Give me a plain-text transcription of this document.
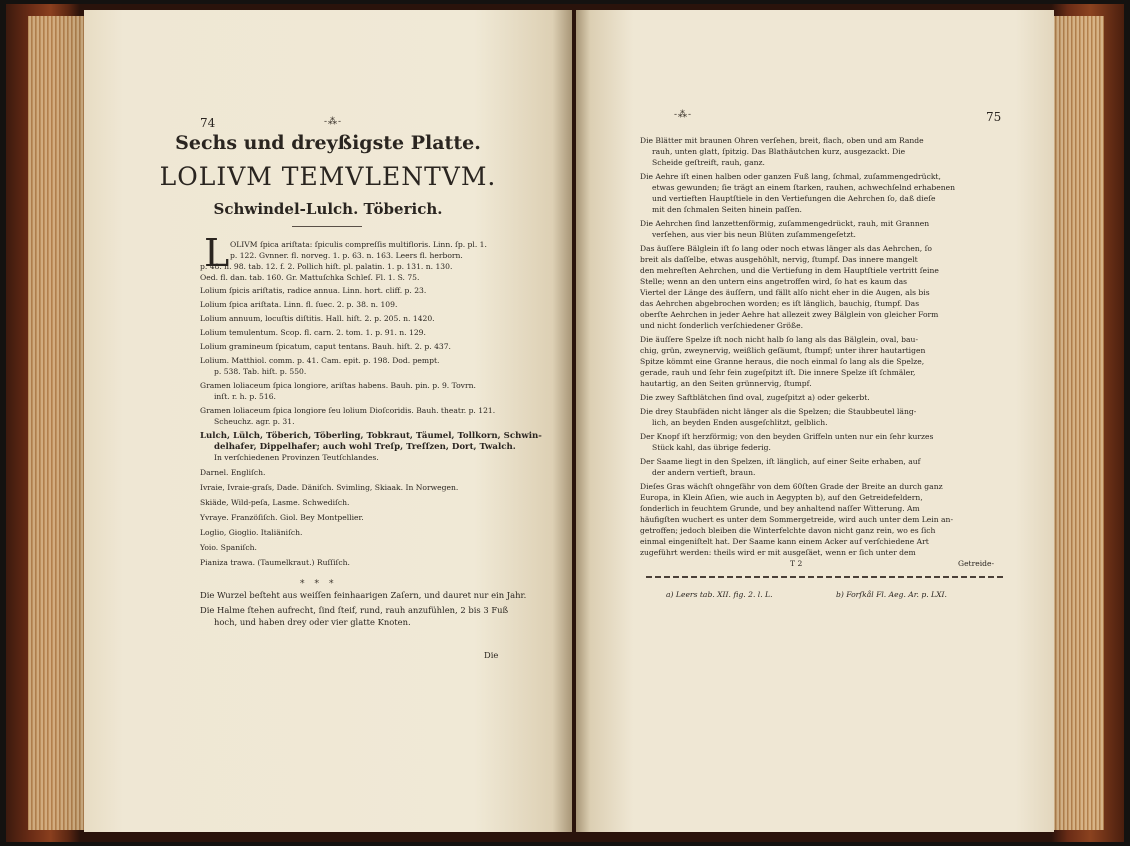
74	-⁂-
Sechs und dreyßigste Platte.
LOLIVM TEMVLENTVM.
Schwindel-Lulch. Töberich.
L OLIVM ſpica ariſtata: ſpiculis compreſſis multifloris. Linn. ſp. pl. 1.
p. 122. Gvnner. fl. norveg. 1. p. 63. n. 163. Leers fl. herborn.
p. 48. n. 98. tab. 12. f. 2. Pollich hiſt. pl. palatin. 1. p. 131. n. 130.
Oed. fl. dan. tab. 160. Gr. Mattuſchka Schleſ. Fl. 1. S. 75.
Lolium ſpicis ariſtatis, radice annua. Linn. hort. cliff. p. 23.
Lolium ſpica ariſtata. Linn. fl. ſuec. 2. p. 38. n. 109.
Lolium annuum, locuſtis diſtitis. Hall. hiſt. 2. p. 205. n. 1420.
Lolium temulentum. Scop. fl. carn. 2. tom. 1. p. 91. n. 129.
Lolium gramineum ſpicatum, caput tentans. Bauh. hiſt. 2. p. 437.
Lolium. Matthiol. comm. p. 41. Cam. epit. p. 198. Dod. pempt.
p. 538. Tab. hiſt. p. 550.
Gramen loliaceum ſpica longiore, ariſtas habens. Bauh. pin. p. 9. Tovrn.
inſt. r. h. p. 516.
Gramen loliaceum ſpica longiore ſeu lolium Dioſcoridis. Bauh. theatr. p. 121.
Scheuchz. agr. p. 31.
Lulch, Lülch, Töberich, Töberling, Tobkraut, Täumel, Tollkorn, Schwin-
delhafer, Dippelhafer; auch wohl Treſp, Treſſzen, Dort, Twalch.
In verſchiedenen Provinzen Teutſchlandes.
Darnel. Engliſch.
Ivraie, Ivraie-graſs, Dade. Däniſch. Svimling, Skiaak. In Norwegen.
Skiäde, Wild-peſa, Lasme. Schwediſch.
Yvraye. Franzöſiſch. Giol. Bey Montpellier.
Loglio, Gioglio. Italiäniſch.
Yoio. Spaniſch.
Pianiza trawa. (Taumelkraut.) Ruſſiſch.
⁎⁎⁎
Die Wurzel beſteht aus weiſſen feinhaarigen Zaſern, und dauret nur ein Jahr.
Die Halme ſtehen aufrecht, ſind ſteif, rund, rauh anzufühlen, 2 bis 3 Fuß
hoch, und haben drey oder vier glatte Knoten.
Die
-⁂-	75
Die Blätter mit braunen Ohren verſehen, breit, flach, oben und am Rande
rauh, unten glatt, ſpitzig. Das Blathäutchen kurz, ausgezackt. Die
Scheide geſtreift, rauh, ganz.
Die Aehre iſt einen halben oder ganzen Fuß lang, ſchmal, zuſammengedrückt,
etwas gewunden; ſie trägt an einem ſtarken, rauhen, achwechſelnd erhabenen
und vertieften Hauptſtiele in den Vertiefungen die Aehrchen ſo, daß dieſe
mit den ſchmalen Seiten hinein paſſen.
Die Aehrchen ſind lanzettenförmig, zuſammengedrückt, rauh, mit Grannen
verſehen, aus vier bis neun Blüten zuſammengeſetzt.
Das äuſſere Bälglein iſt ſo lang oder noch etwas länger als das Aehrchen, ſo
breit als daſſelbe, etwas ausgehöhlt, nervig, ſtumpf. Das innere mangelt
den mehreſten Aehrchen, und die Vertiefung in dem Hauptſtiele vertritt ſeine
Stelle; wenn an den untern eins angetroffen wird, ſo hat es kaum das
Viertel der Länge des äuſſern, und fällt alſo nicht eher in die Augen, als bis
das Aehrchen abgebrochen worden; es iſt länglich, bauchig, ſtumpf. Das
oberſte Aehrchen in jeder Aehre hat allezeit zwey Bälglein von gleicher Form
und nicht ſonderlich verſchiedener Größe.
Die äuſſere Spelze iſt noch nicht halb ſo lang als das Bälglein, oval, bau-
chig, grün, zweynervig, weißlich geſäumt, ſtumpf; unter ihrer hautartigen
Spitze kömmt eine Granne heraus, die noch einmal ſo lang als die Spelze,
gerade, rauh und ſehr fein zugeſpitzt iſt. Die innere Spelze iſt ſchmäler,
hautartig, an den Seiten grünnervig, ſtumpf.
Die zwey Saftblätchen ſind oval, zugeſpitzt a) oder gekerbt.
Die drey Staubfäden nicht länger als die Spelzen; die Staubbeutel läng-
lich, an beyden Enden ausgeſchlitzt, gelblich.
Der Knopf iſt herzförmig; von den beyden Griffeln unten nur ein ſehr kurzes
Stück kahl, das übrige federig.
Der Saame liegt in den Spelzen, iſt länglich, auf einer Seite erhaben, auf
der andern vertieft, braun.
Dieſes Gras wächſt ohngefähr von dem 60ſten Grade der Breite an durch ganz
Europa, in Klein Aſien, wie auch in Aegypten b), auf den Getreidefeldern,
ſonderlich in feuchtem Grunde, und bey anhaltend naſſer Witterung. Am
häufigſten wuchert es unter dem Sommergetreide, wird auch unter dem Lein an-
getroffen; jedoch bleiben die Winterfelchte davon nicht ganz rein, wo es ſich
einmal eingeniſtelt hat. Der Saame kann einem Acker auf verſchiedene Art
zugeführt werden: theils wird er mit ausgeſäet, wenn er ſich unter dem
T 2	Getreide-
a) Leers tab. XII. fig. 2. l. L.	b) Forſkål Fl. Aeg. Ar. p. LXI.
